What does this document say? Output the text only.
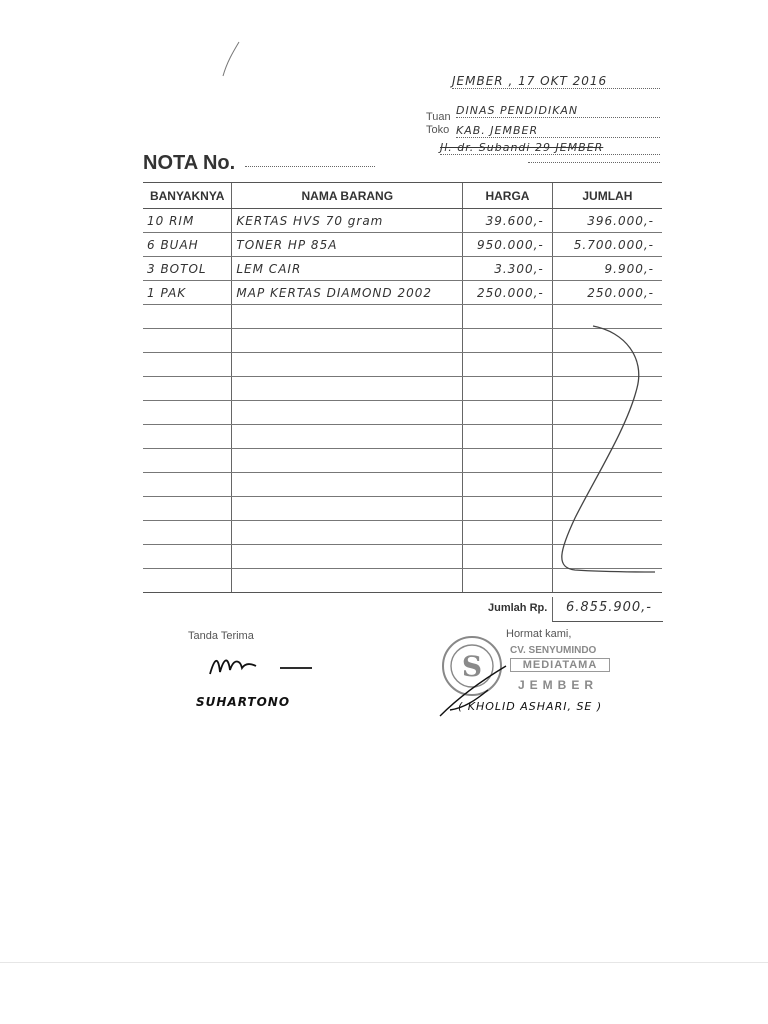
JEMBER , 17 OKT 2016
Tuan DINAS PENDIDIKAN
Toko KAB. JEMBER
Jl. dr. Subandi 29 JEMBER
NOTA No.
BANYAKNYA	NAMA BARANG	HARGA	JUMLAH
10 RIM	KERTAS HVS 70 gram	39.600,-	396.000,-
6 BUAH	TONER HP 85A	950.000,-	5.700.000,-
3 BOTOL	LEM CAIR	3.300,-	9.900,-
1 PAK	MAP KERTAS DIAMOND 2002	250.000,-	250.000,-

Jumlah Rp. 6.855.900,-
Tanda Terima
SUHARTONO
Hormat kami,
S	CV. SENYUMINDO
MEDIATAMA
JEMBER
( KHOLID ASHARI, SE )
